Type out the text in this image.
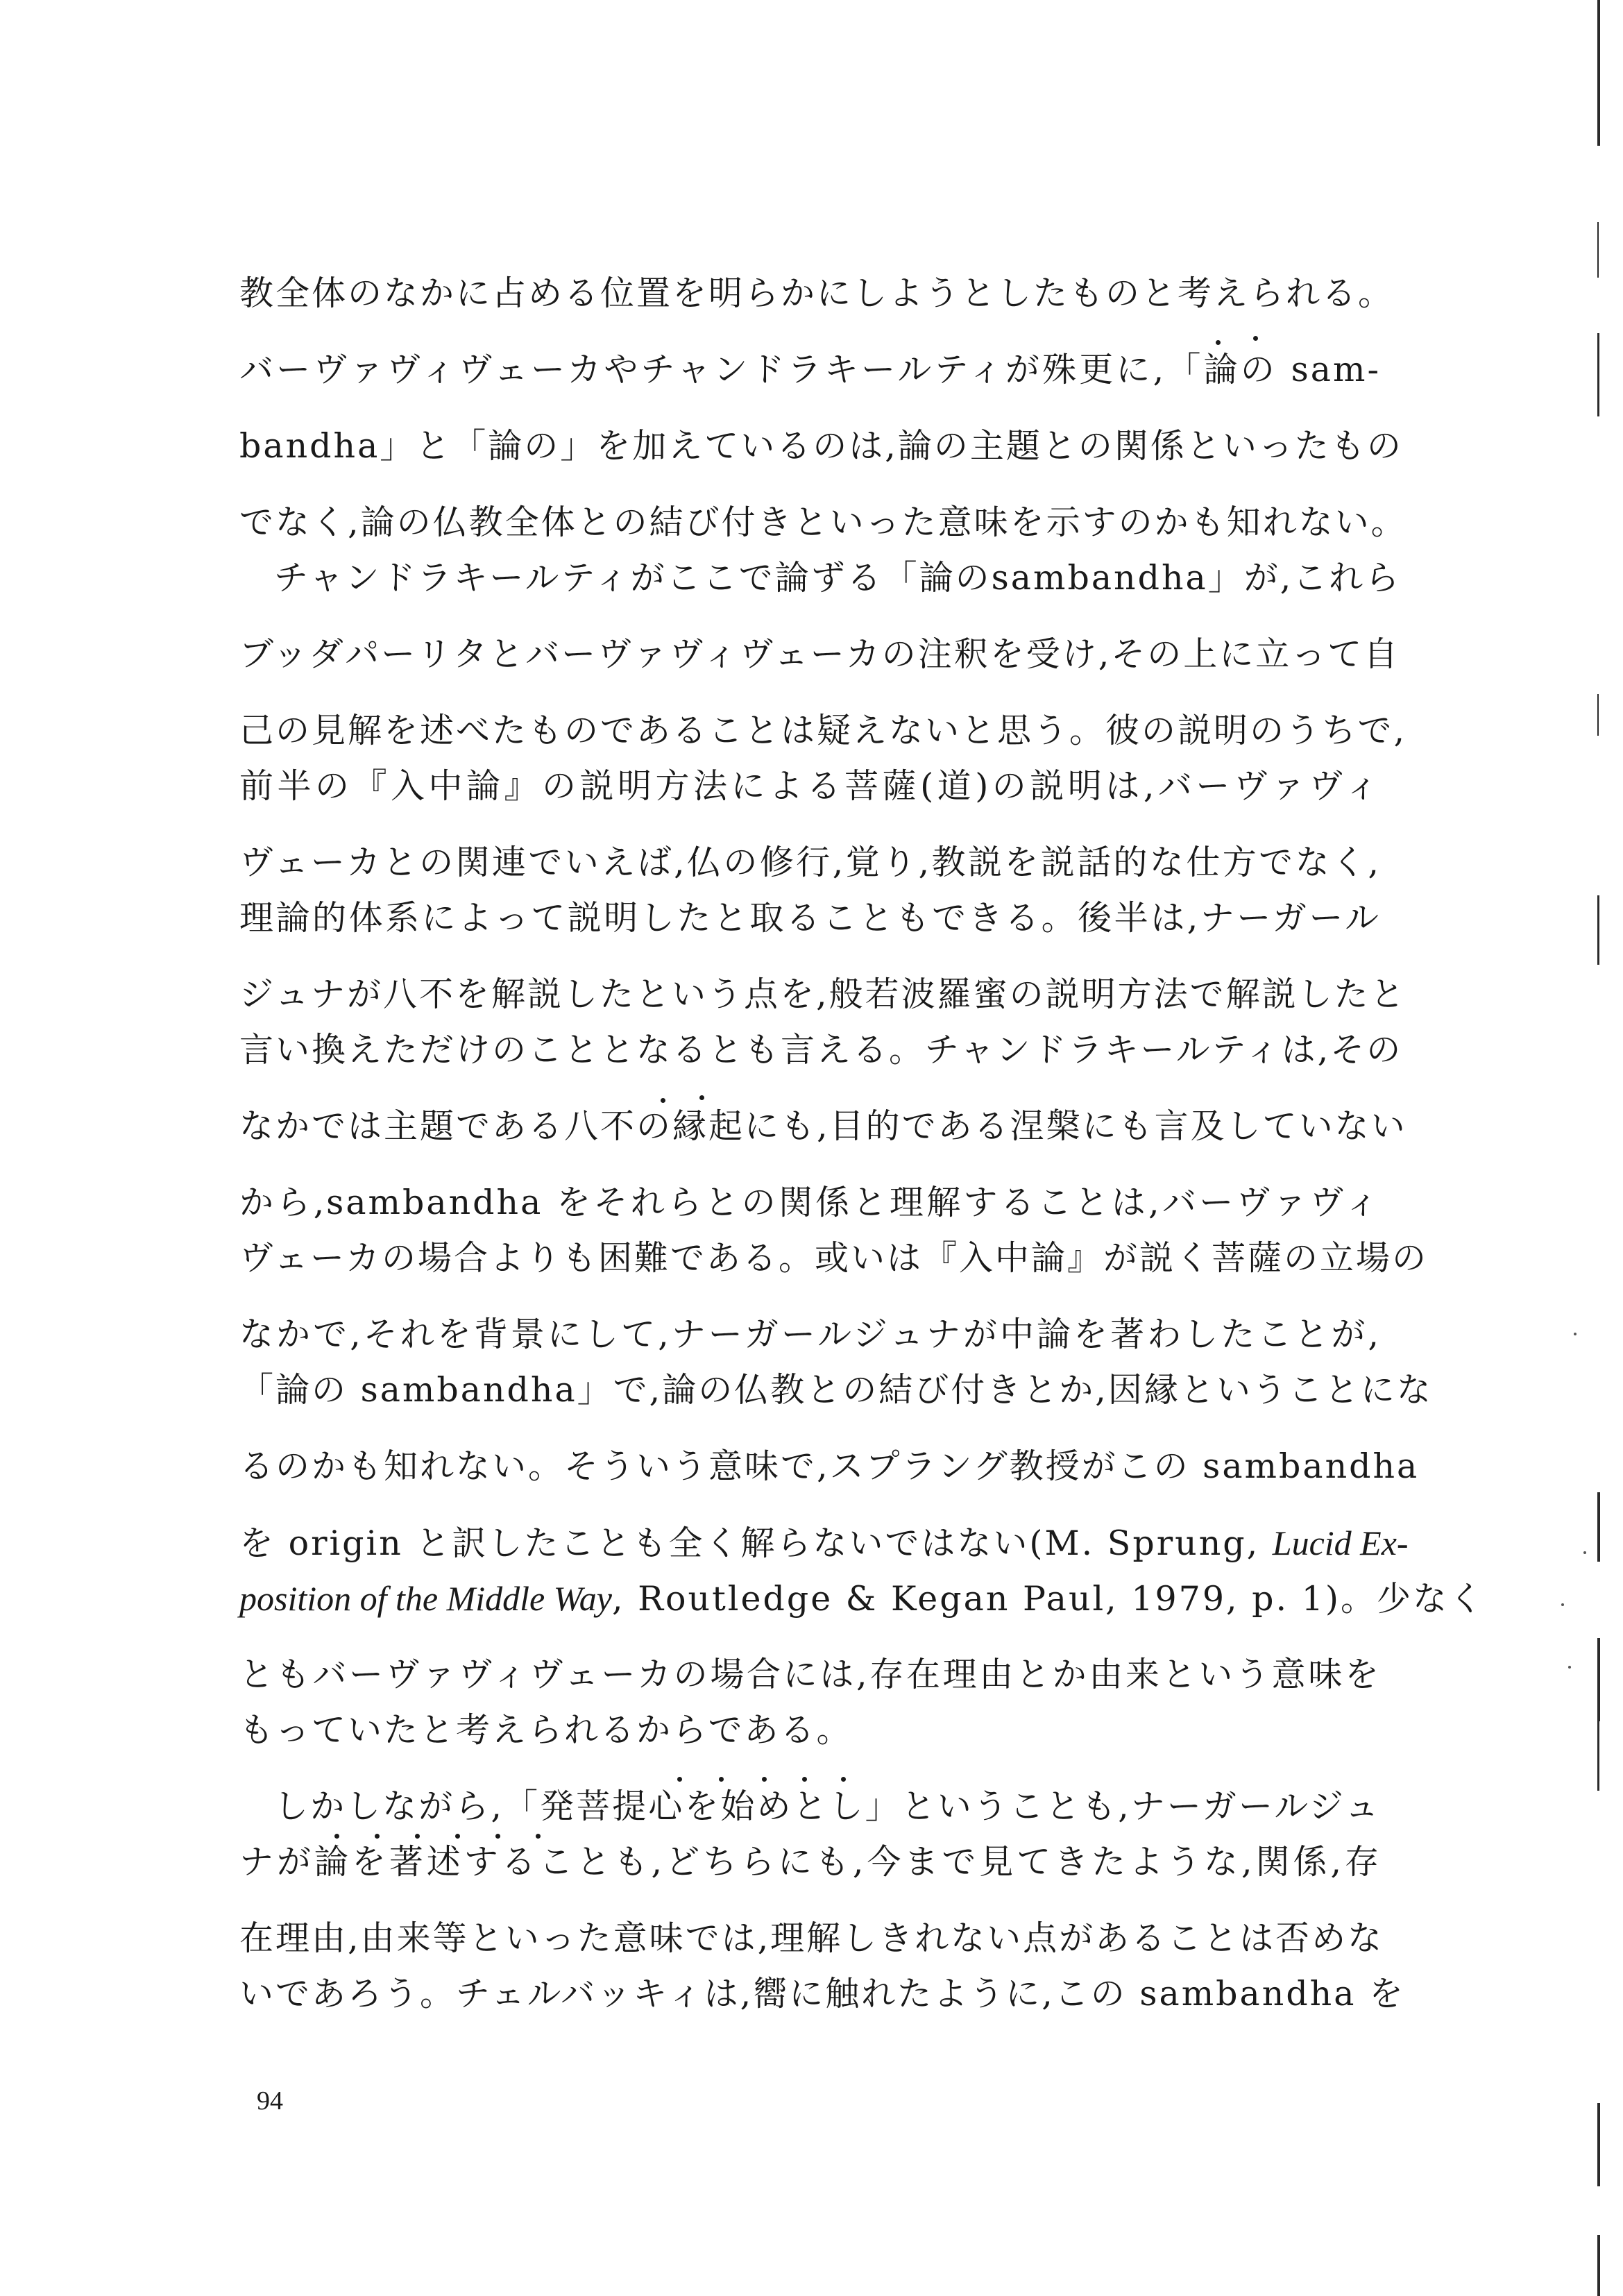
教全体のなかに占める位置を明らかにしようとしたものと考えられる。
バーヴァヴィヴェーカやチャンドラキールティが殊更に,「論の sam-
bandha」と「論の」を加えているのは,論の主題との関係といったもの
でなく,論の仏教全体との結び付きといった意味を示すのかも知れない。
チャンドラキールティがここで論ずる「論のsambandha」が,これら
ブッダパーリタとバーヴァヴィヴェーカの注釈を受け,その上に立って自
己の見解を述べたものであることは疑えないと思う。彼の説明のうちで,
前半の『入中論』の説明方法による菩薩(道)の説明は,バーヴァヴィ
ヴェーカとの関連でいえば,仏の修行,覚り,教説を説話的な仕方でなく,
理論的体系によって説明したと取ることもできる。後半は,ナーガール
ジュナが八不を解説したという点を,般若波羅蜜の説明方法で解説したと
言い換えただけのこととなるとも言える。チャンドラキールティは,その
なかでは主題である八不の縁起にも,目的である涅槃にも言及していない
から,sambandha をそれらとの関係と理解することは,バーヴァヴィ
ヴェーカの場合よりも困難である。或いは『入中論』が説く菩薩の立場の
なかで,それを背景にして,ナーガールジュナが中論を著わしたことが,
「論の sambandha」で,論の仏教との結び付きとか,因縁ということにな
るのかも知れない。そういう意味で,スプラング教授がこの sambandha
を origin と訳したことも全く解らないではない(M. Sprung, Lucid Ex-
position of the Middle Way, Routledge & Kegan Paul, 1979, p. 1)。少なく
ともバーヴァヴィヴェーカの場合には,存在理由とか由来という意味を
もっていたと考えられるからである。
しかしながら,「発菩提心を始めとし」ということも,ナーガールジュ
ナが論を著述することも,どちらにも,今まで見てきたような,関係,存
在理由,由来等といった意味では,理解しきれない点があることは否めな
いであろう。チェルバッキィは,嚮に触れたように,この sambandha を
94
